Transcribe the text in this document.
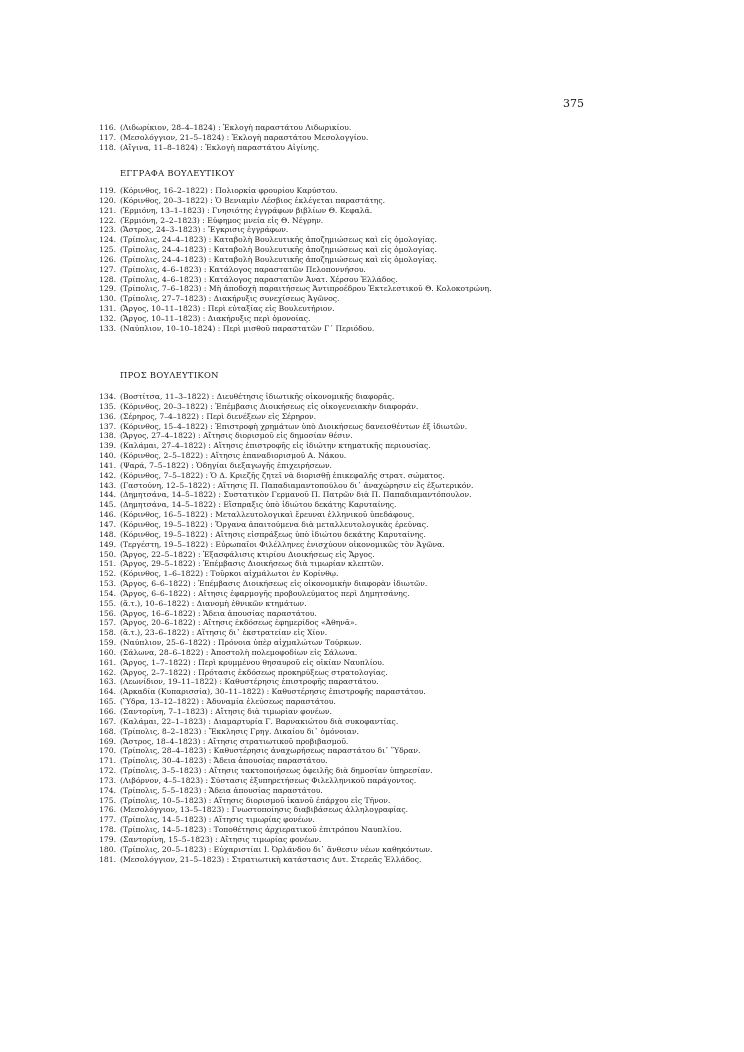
375
116. (Λιδωρίκιον, 28–4–1824) : Ἐκλογὴ παραστάτου Λιδωρικίου.
117. (Μεσολόγγιον, 21–5–1824) : Ἐκλογὴ παραστάτου Μεσολογγίου.
118. (Αἴγινα, 11–8–1824) : Ἐκλογὴ παραστάτου Αἰγίνης.
ΕΓΓΡΑΦΑ ΒΟΥΛΕΥΤΙΚΟΥ
119. (Κόρινθος, 16–2–1822) : Πολιορκία φρουρίου Καρύστου.
120. (Κόρινθος, 20–3–1822) : Ὁ Βενιαμὶν Λέσβιος ἐκλέγεται παραστάτης.
121. (Ἑρμιόνη, 13–1–1823) : Γνησιότης ἐγγράφων βιβλίων Θ. Κεφαλᾶ.
122. (Ἑρμιόνη, 2–2–1823) : Εὐφημος μνεία εἰς Θ. Νέγρην.
123. (Ἄστρος, 24–3–1823) : Ἔγκρισις ἐγγράφων.
124. (Τρίπολις, 24–4–1823) : Καταβολὴ Βουλευτικῆς ἀποζημιώσεως καὶ εἰς ὁμολογίας.
125. (Τρίπολις, 24–4–1823) : Καταβολὴ Βουλευτικῆς ἀποζημιώσεως καὶ εἰς ὁμολογίας.
126. (Τρίπολις, 24–4–1823) : Καταβολὴ Βουλευτικῆς ἀποζημιώσεως καὶ εἰς ὁμολογίας.
127. (Τρίπολις, 4–6–1823) : Κατάλογος παραστατῶν Πελοποννήσου.
128. (Τρίπολις, 4–6–1823) : Κατάλογος παραστατῶν Ἀνατ. Χέρσου Ἑλλάδος.
129. (Τρίπολις, 7–6–1823) : Μὴ ἀποδοχὴ παραιτήσεως Ἀντιπροέδρου Ἐκτελεστικοῦ Θ. Κολοκοτρώνη.
130. (Τρίπολις, 27–7–1823) : Διακήρυξις συνεχίσεως Ἀγῶνος.
131. (Ἄργος, 10–11–1823) : Περὶ εὐταξίας εἰς Βουλευτήριον.
132. (Ἄργος, 10–11–1823) : Διακήρυξις περὶ ὁμονοίας.
133. (Ναύπλιον, 10–10–1824) : Περὶ μισθοῦ παραστατῶν Γ΄ Περιόδου.
ΠΡΟΣ ΒΟΥΛΕΥΤΙΚΟΝ
134. (Βοστίτσα, 11–3–1822) : Διευθέτησις ἰδιωτικῆς οἰκονομικῆς διαφορᾶς.
135. (Κόρινθος, 20–3–1822) : Ἐπέμβασις Διοικήσεως εἰς οἰκογενειακὴν διαφοράν.
136. (Σέρηρος, 7–4–1822) : Περὶ διενέξεων εἰς Σέρηρον.
137. (Κόρινθος, 15–4–1822) : Ἐπιστροφὴ χρημάτων ὑπὸ Διοικήσεως δανεισθέντων ἐξ ἰδιωτῶν.
138. (Ἄργος, 27–4–1822) : Αἴτησις διορισμοῦ εἰς δημοσίαν θέσιν.
139. (Καλάμαι, 27–4–1822) : Αἴτησις ἐπιστροφῆς εἰς ἰδιώτην κτηματικῆς περιουσίας.
140. (Κόρινθος, 2–5–1822) : Αἴτησις ἐπαναδιορισμοῦ Α. Νάκου.
141. (Ψαρά, 7–5–1822) : Ὁδηγίαι διεξαγωγῆς ἐπιχειρήσεων.
142. (Κόρινθος, 7–5–1822) : Ὁ Δ. Κριεζῆς ζητεῖ νὰ διορισθῇ ἐπικεφαλῆς στρατ. σώματος.
143. (Γαστούνη, 12–5–1822) : Αἴτησις Π. Παπαδιαμαντοπούλου δι᾿ ἀναχώρησιν εἰς ἐξωτερικόν.
144. (Δημητσάνα, 14–5–1822) : Συστατικὸν Γερμανοῦ Π. Πατρῶν διὰ Π. Παπαδιαμαντόπουλον.
145. (Δημητσάνα, 14–5–1822) : Εἴσπραξις ὑπὸ ἰδιώτου δεκάτης Καρυταίνης.
146. (Κόρινθος, 16–5–1822) : Μεταλλευτολογικαὶ ἔρευναι ἑλληνικοῦ ὑπεδάφους.
147. (Κόρινθος, 19–5–1822) : Ὄργανα ἀπαιτούμενα διὰ μεταλλευτολογικὰς ἐρεύνας.
148. (Κόρινθος, 19–5–1822) : Αἴτησις εἰσπράξεως ὑπὸ ἰδιώτου δεκάτης Καρυταίνης.
149. (Τεργέστη, 19–5–1822) : Εὐρωπαῖοι Φιλέλληνες ἐνισχύουν οἰκονομικῶς τὸν Ἀγῶνα.
150. (Ἄργος, 22–5–1822) : Ἐξασφάλισις κτιρίου Διοικήσεως εἰς Ἄργος.
151. (Ἄργος, 29–5–1822) : Ἐπέμβασις Διοικήσεως διὰ τιμωρίαν κλεπτῶν.
152. (Κόρινθος, 1–6–1822) : Τοῦρκοι αἰχμάλωτοι ἐν Κορίνθῳ.
153. (Ἄργος, 6–6–1822) : Ἐπέμβασις Διοικήσεως εἰς οἰκονομικὴν διαφορὰν ἰδιωτῶν.
154. (Ἄργος, 6–6–1822) : Αἴτησις ἐφαρμογῆς προβουλεύματος περὶ Δημητσάνης.
155. (ἄ.τ.), 10–6–1822) : Διανομὴ ἐθνικῶν κτημάτων.
156. (Ἄργος, 16–6–1822) : Ἄδεια ἀπουσίας παραστάτου.
157. (Ἄργος, 20–6–1822) : Αἴτησις ἐκδόσεως ἐφημερίδος «Ἀθηνᾶ».
158. (ἄ.τ.), 23–6–1822) : Αἴτησις δι᾿ ἐκστρατείαν εἰς Χίον.
159. (Ναύπλιον, 25–6–1822) : Πρόνοια ὑπὲρ αἰχμαλώτων Τούρκων.
160. (Σάλωνα, 28–6–1822) : Ἀποστολὴ πολεμοφοδίων εἰς Σάλωνα.
161. (Ἄργος, 1–7–1822) : Περὶ κρυμμένου θησαυροῦ εἰς οἰκίαν Ναυπλίου.
162. (Ἄργος, 2–7–1822) : Πρότασις ἐκδόσεως προκηρύξεως στρατολογίας.
163. (Λεωνίδιον, 19–11–1822) : Καθυστέρησις ἐπιστροφῆς παραστάτου.
164. (Ἀρκαδία (Κυπαρισσία), 30–11–1822) : Καθυστέρησις ἐπιστροφῆς παραστάτου.
165. (Ὕδρα, 13–12–1822) : Ἀδυναμία ἐλεύσεως παραστάτου.
166. (Σαντορίνη, 7–1–1823) : Αἴτησις διὰ τιμωρίαν φονέων.
167. (Καλάμαι, 22–1–1823) : Διαμαρτυρία Γ. Βαρνακιώτου διὰ συκοφαντίας.
168. (Τρίπολις, 8–2–1823) : Ἔκκλησις Γρηγ. Δικαίου δι᾿ ὁμόνοιαν.
169. (Ἄστρος, 18–4–1823) : Αἴτησις στρατιωτικοῦ προβιβασμοῦ.
170. (Τρίπολις, 28–4–1823) : Καθυστέρησις ἀναχωρήσεως παραστάτου δι᾿ Ὕδραν.
171. (Τρίπολις, 30–4–1823) : Ἄδεια ἀπουσίας παραστάτου.
172. (Τρίπολις, 3–5–1823) : Αἴτησις τακτοποιήσεως ὀφειλῆς διὰ δημοσίαν ὑπηρεσίαν.
173. (Λιβόρνον, 4–5–1823) : Σύστασις ἐξυπηρετήσεως Φιλελληνικοῦ παράγοντος.
174. (Τρίπολις, 5–5–1823) : Ἄδεια ἀπουσίας παραστάτου.
175. (Τρίπολις, 10–5–1823) : Αἴτησις διορισμοῦ ἱκανοῦ ἐπάρχου εἰς Τῆνον.
176. (Μεσολόγγιον, 13–5–1823) : Γνωστοποίησις διαβιβάσεως ἀλληλογραφίας.
177. (Τρίπολις, 14–5–1823) : Αἴτησις τιμωρίας φονέων.
178. (Τρίπολις, 14–5–1823) : Τοποθέτησις ἀρχιερατικοῦ ἐπιτρόπου Ναυπλίου.
179. (Σαντορίνη, 15–5–1823) : Αἴτησις τιμωρίας φονέων.
180. (Τρίπολις, 20–5–1823) : Εὐχαριστίαι Ι. Ὀρλάνδου δι᾿ ἄνθεσιν νέων καθηκόντων.
181. (Μεσολόγγιον, 21–5–1823) : Στρατιωτικὴ κατάστασις Δυτ. Στερεᾶς Ἑλλάδος.
